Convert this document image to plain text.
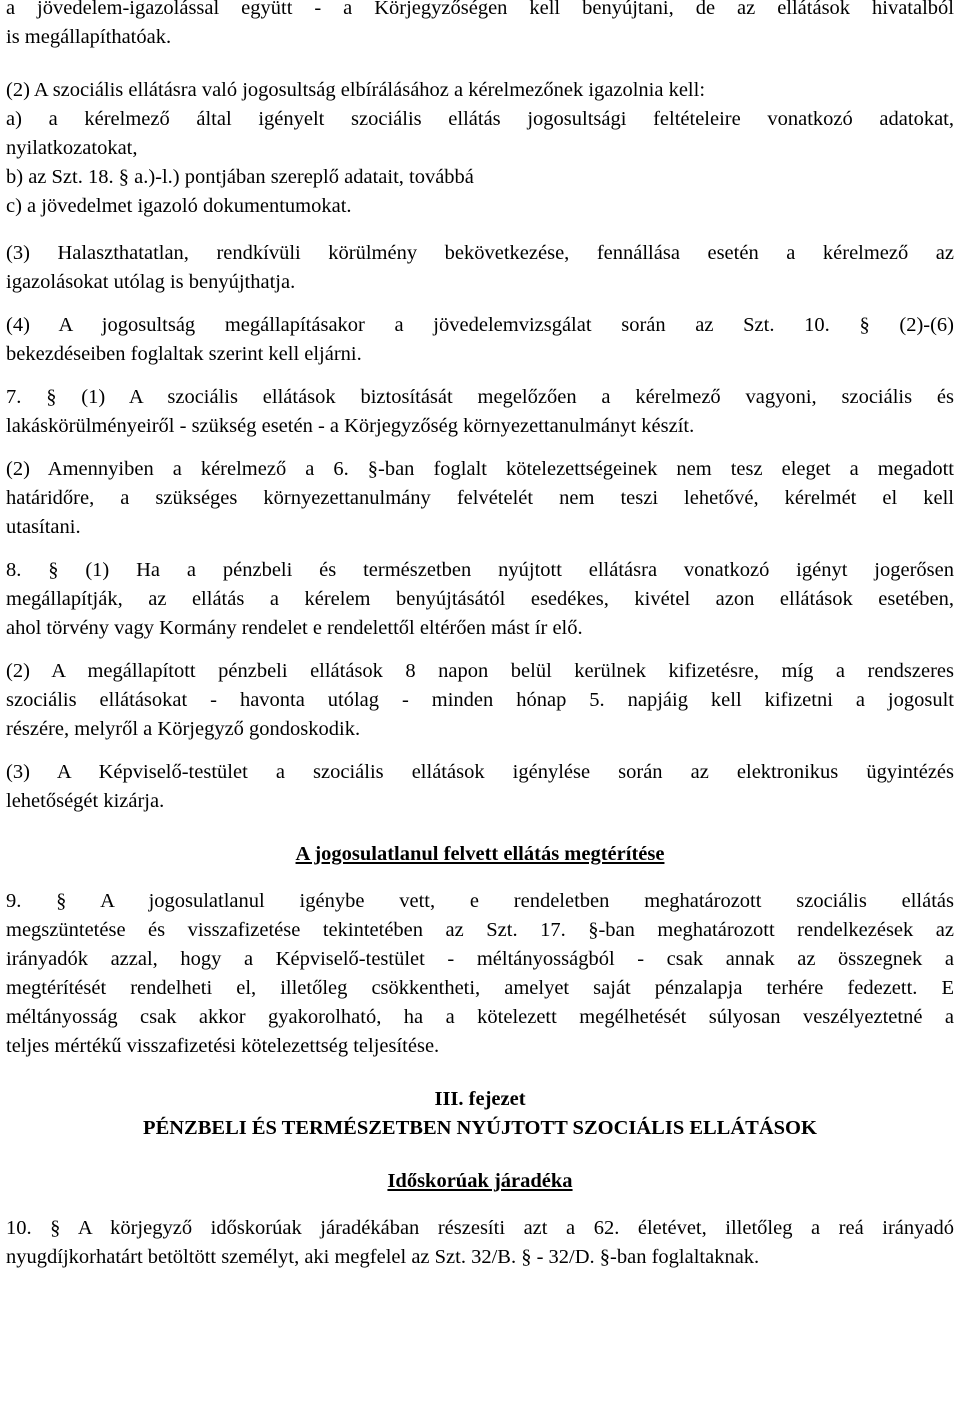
a jövedelem-igazolással együtt - a Körjegyzőségen kell benyújtani, de az ellátások hivatalból
is megállapíthatóak.

(2) A szociális ellátásra való jogosultság elbírálásához a kérelmezőnek igazolnia kell:
a) a kérelmező által igényelt szociális ellátás jogosultsági feltételeire vonatkozó adatokat,
nyilatkozatokat,
b) az Szt. 18. § a.)-l.) pontjában szereplő adatait, továbbá
c) a jövedelmet igazoló dokumentumokat.

(3) Halaszthatatlan, rendkívüli körülmény bekövetkezése, fennállása esetén a kérelmező az
igazolásokat utólag is benyújthatja.

(4) A jogosultság megállapításakor a jövedelemvizsgálat során az Szt. 10. § (2)-(6)
bekezdéseiben foglaltak szerint kell eljárni.

7. § (1) A szociális ellátások biztosítását megelőzően a kérelmező vagyoni, szociális és
lakáskörülményeiről - szükség esetén - a Körjegyzőség környezettanulmányt készít.

(2) Amennyiben a kérelmező a 6. §-ban foglalt kötelezettségeinek nem tesz eleget a megadott
határidőre, a szükséges környezettanulmány felvételét nem teszi lehetővé, kérelmét el kell
utasítani.

8. § (1) Ha a pénzbeli és természetben nyújtott ellátásra vonatkozó igényt jogerősen
megállapítják, az ellátás a kérelem benyújtásától esedékes, kivétel azon ellátások esetében,
ahol törvény vagy Kormány rendelet e rendelettől eltérően mást ír elő.

(2) A megállapított pénzbeli ellátások 8 napon belül kerülnek kifizetésre, míg a rendszeres
szociális ellátásokat - havonta utólag - minden hónap 5. napjáig kell kifizetni a jogosult
részére, melyről a Körjegyző gondoskodik.

(3) A Képviselő-testület a szociális ellátások igénylése során az elektronikus ügyintézés
lehetőségét kizárja.

A jogosulatlanul felvett ellátás megtérítése

9. § A jogosulatlanul igénybe vett, e rendeletben meghatározott szociális ellátás
megszüntetése és visszafizetése tekintetében az Szt. 17. §-ban meghatározott rendelkezések az
irányadók azzal, hogy a Képviselő-testület - méltányosságból - csak annak az összegnek a
megtérítését rendelheti el, illetőleg csökkentheti, amelyet saját pénzalapja terhére fedezett. E
méltányosság csak akkor gyakorolható, ha a kötelezett megélhetését súlyosan veszélyeztetné a
teljes mértékű visszafizetési kötelezettség teljesítése.

III. fejezet

PÉNZBELI ÉS TERMÉSZETBEN NYÚJTOTT SZOCIÁLIS ELLÁTÁSOK

Időskorúak járadéka

10. § A körjegyző időskorúak járadékában részesíti azt a 62. életévet, illetőleg a reá irányadó
nyugdíjkorhatárt betöltött személyt, aki megfelel az Szt. 32/B. § - 32/D. §-ban foglaltaknak.
